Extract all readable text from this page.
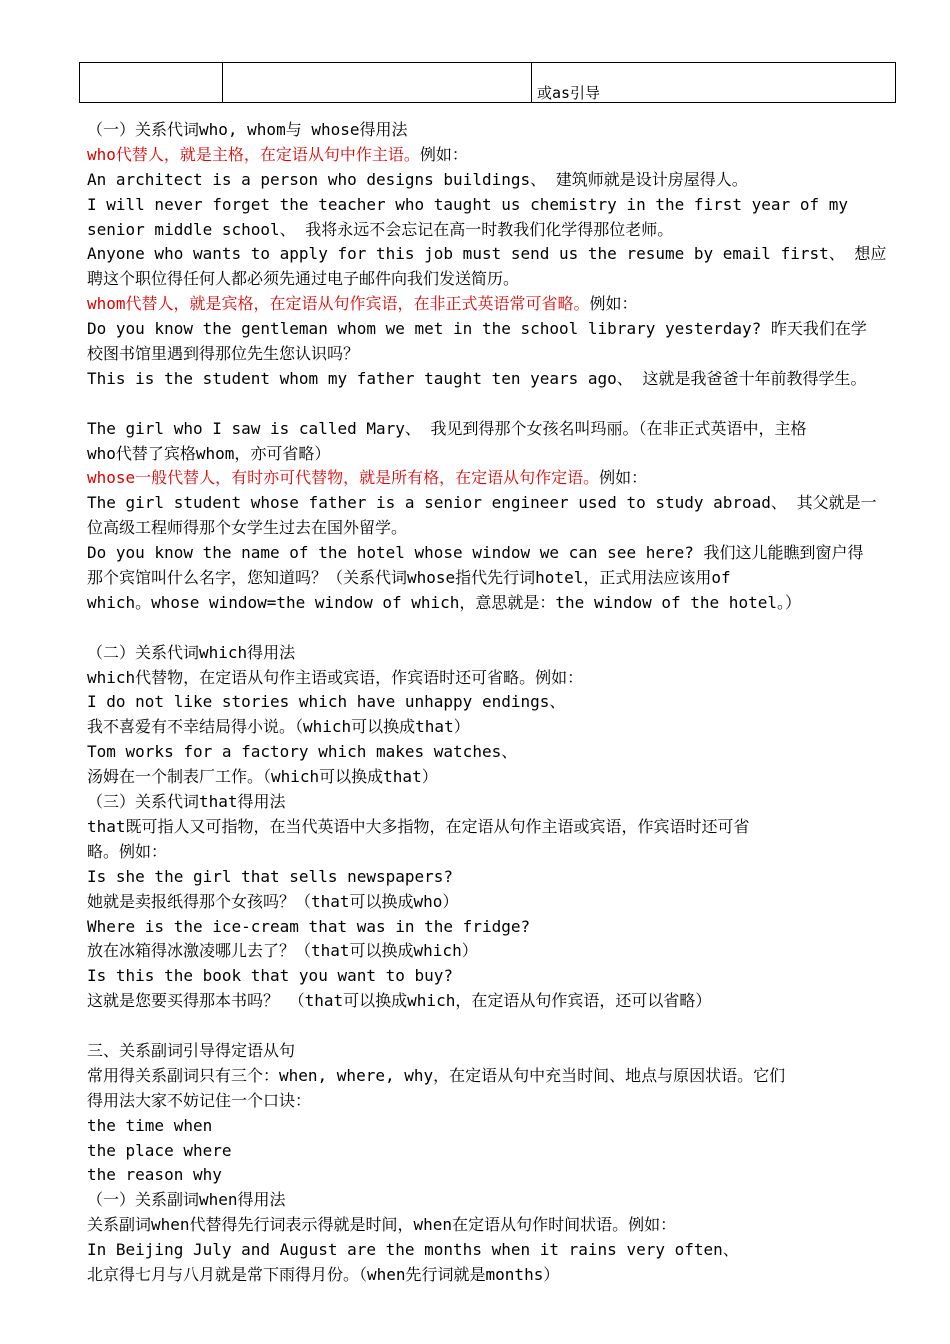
		或as引导
（一）关系代词who, whom与 whose得用法
who代替人，就是主格，在定语从句中作主语。例如：
An architect is a person who designs buildings、 建筑师就是设计房屋得人。
I will never forget the teacher who taught us chemistry in the first year of my
senior middle school、 我将永远不会忘记在高一时教我们化学得那位老师。
Anyone who wants to apply for this job must send us the resume by email first、 想应
聘这个职位得任何人都必须先通过电子邮件向我们发送简历。
whom代替人，就是宾格，在定语从句作宾语，在非正式英语常可省略。例如：
Do you know the gentleman whom we met in the school library yesterday? 昨天我们在学
校图书馆里遇到得那位先生您认识吗？
This is the student whom my father taught ten years ago、 这就是我爸爸十年前教得学生。
The girl who I saw is called Mary、 我见到得那个女孩名叫玛丽。（在非正式英语中，主格
who代替了宾格whom，亦可省略）
whose一般代替人，有时亦可代替物，就是所有格，在定语从句作定语。例如：
The girl student whose father is a senior engineer used to study abroad、 其父就是一
位高级工程师得那个女学生过去在国外留学。
Do you know the name of the hotel whose window we can see here? 我们这儿能瞧到窗户得
那个宾馆叫什么名字，您知道吗？（关系代词whose指代先行词hotel，正式用法应该用of
which。whose window=the window of which，意思就是：the window of the hotel。）
（二）关系代词which得用法
which代替物，在定语从句作主语或宾语，作宾语时还可省略。例如：
I do not like stories which have unhappy endings、
我不喜爱有不幸结局得小说。（which可以换成that）
Tom works for a factory which makes watches、
汤姆在一个制表厂工作。（which可以换成that）
（三）关系代词that得用法
that既可指人又可指物，在当代英语中大多指物，在定语从句作主语或宾语，作宾语时还可省
略。例如：
Is she the girl that sells newspapers?
她就是卖报纸得那个女孩吗？（that可以换成who）
Where is the ice-cream that was in the fridge?
放在冰箱得冰激凌哪儿去了？（that可以换成which）
Is this the book that you want to buy?
这就是您要买得那本书吗？ （that可以换成which，在定语从句作宾语，还可以省略）
三、关系副词引导得定语从句
常用得关系副词只有三个：when, where, why，在定语从句中充当时间、地点与原因状语。它们
得用法大家不妨记住一个口诀：
the time when
the place where
the reason why
（一）关系副词when得用法
关系副词when代替得先行词表示得就是时间，when在定语从句作时间状语。例如：
In Beijing July and August are the months when it rains very often、
北京得七月与八月就是常下雨得月份。（when先行词就是months）
